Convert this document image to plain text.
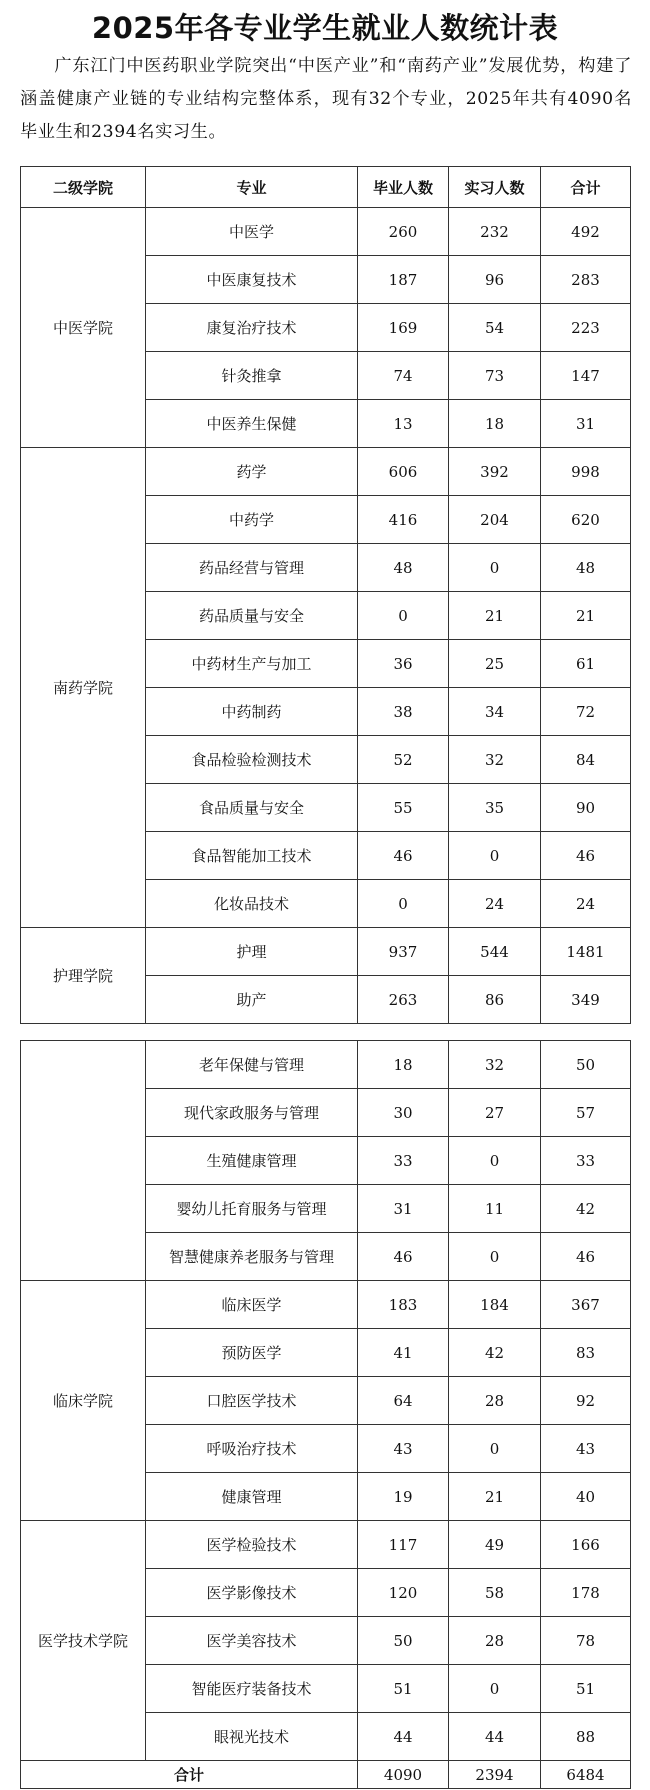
2025年各专业学生就业人数统计表

广东江门中医药职业学院突出“中医产业”和“南药产业”发展优势，构建了涵盖健康产业链的专业结构完整体系，现有32个专业，2025年共有4090名毕业生和2394名实习生。

二级学院	专业	毕业人数	实习人数	合计
中医学院	中医学	260	232	492
	中医康复技术	187	96	283
	康复治疗技术	169	54	223
	针灸推拿	74	73	147
	中医养生保健	13	18	31
南药学院	药学	606	392	998
	中药学	416	204	620
	药品经营与管理	48	0	48
	药品质量与安全	0	21	21
	中药材生产与加工	36	25	61
	中药制药	38	34	72
	食品检验检测技术	52	32	84
	食品质量与安全	55	35	90
	食品智能加工技术	46	0	46
	化妆品技术	0	24	24
护理学院	护理	937	544	1481
	助产	263	86	349
	老年保健与管理	18	32	50
	现代家政服务与管理	30	27	57
	生殖健康管理	33	0	33
	婴幼儿托育服务与管理	31	11	42
	智慧健康养老服务与管理	46	0	46
临床学院	临床医学	183	184	367
	预防医学	41	42	83
	口腔医学技术	64	28	92
	呼吸治疗技术	43	0	43
	健康管理	19	21	40
医学技术学院	医学检验技术	117	49	166
	医学影像技术	120	58	178
	医学美容技术	50	28	78
	智能医疗装备技术	51	0	51
	眼视光技术	44	44	88
合计		4090	2394	6484
